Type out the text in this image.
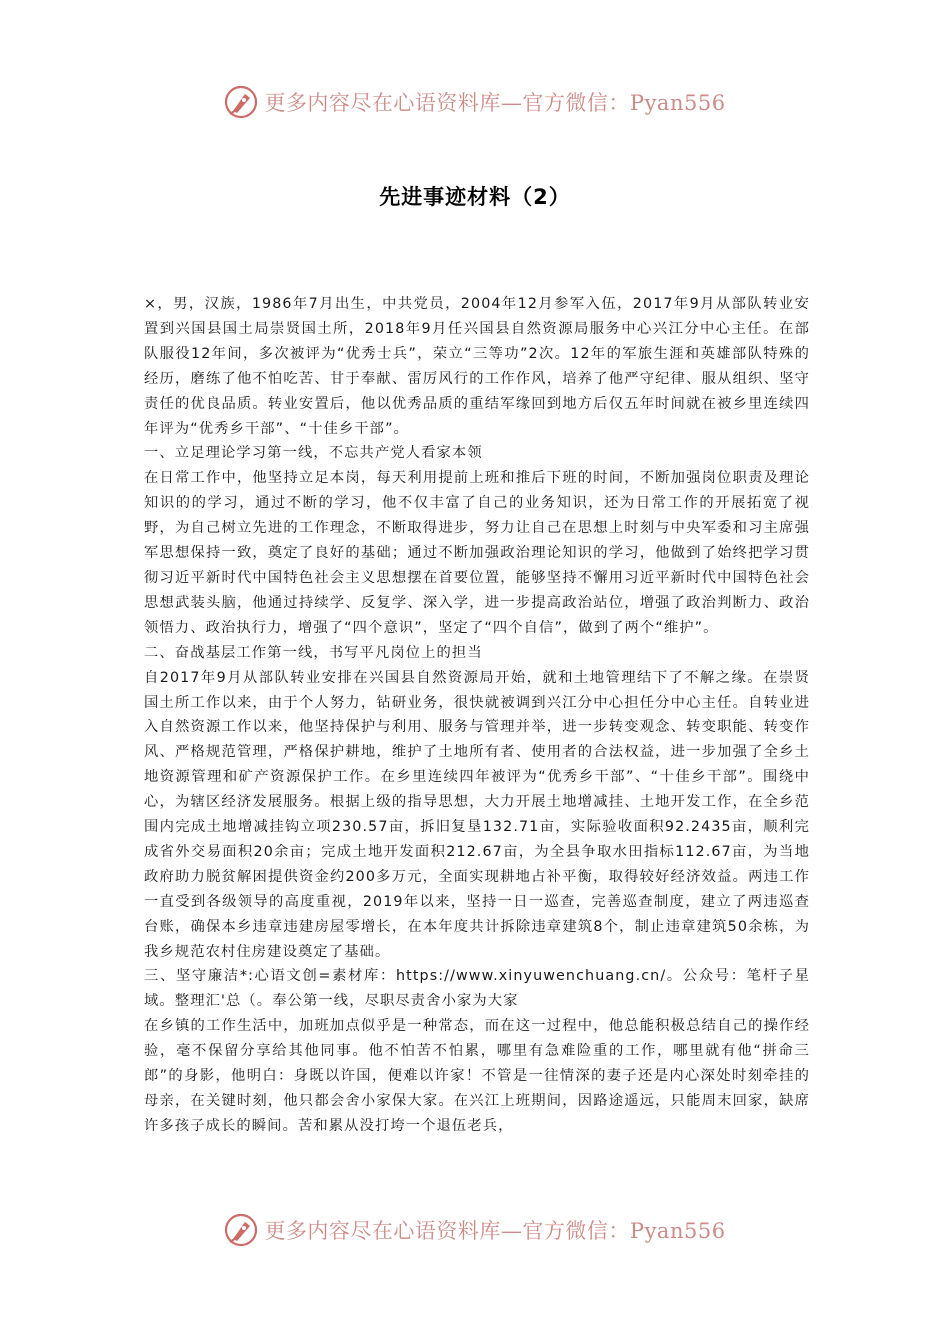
更多内容尽在心语资料库—官方微信：Pyan556
先进事迹材料（2）

×，男，汉族，1986年7月出生，中共党员，2004年12月参军入伍，2017年9月从部队转业安置到兴国县国土局崇贤国土所，2018年9月任兴国县自然资源局服务中心兴江分中心主任。在部队服役12年间，多次被评为“优秀士兵”，荣立“三等功”2次。12年的军旅生涯和英雄部队特殊的经历，磨练了他不怕吃苦、甘于奉献、雷厉风行的工作作风，培养了他严守纪律、服从组织、坚守责任的优良品质。转业安置后，他以优秀品质的重结军缘回到地方后仅五年时间就在被乡里连续四年评为“优秀乡干部”、“十佳乡干部”。

一、立足理论学习第一线，不忘共产党人看家本领

在日常工作中，他坚持立足本岗，每天利用提前上班和推后下班的时间，不断加强岗位职责及理论知识的的学习，通过不断的学习，他不仅丰富了自己的业务知识，还为日常工作的开展拓宽了视野，为自己树立先进的工作理念，不断取得进步，努力让自己在思想上时刻与中央军委和习主席强军思想保持一致，奠定了良好的基础；通过不断加强政治理论知识的学习，他做到了始终把学习贯彻习近平新时代中国特色社会主义思想摆在首要位置，能够坚持不懈用习近平新时代中国特色社会思想武装头脑，他通过持续学、反复学、深入学，进一步提高政治站位，增强了政治判断力、政治领悟力、政治执行力，增强了“四个意识”，坚定了“四个自信”，做到了两个“维护”。

二、奋战基层工作第一线，书写平凡岗位上的担当

自2017年9月从部队转业安排在兴国县自然资源局开始，就和土地管理结下了不解之缘。在崇贤国土所工作以来，由于个人努力，钻研业务，很快就被调到兴江分中心担任分中心主任。自转业进入自然资源工作以来，他坚持保护与利用、服务与管理并举，进一步转变观念、转变职能、转变作风、严格规范管理，严格保护耕地，维护了土地所有者、使用者的合法权益，进一步加强了全乡土地资源管理和矿产资源保护工作。在乡里连续四年被评为“优秀乡干部”、“十佳乡干部”。围绕中心，为辖区经济发展服务。根据上级的指导思想，大力开展土地增减挂、土地开发工作，在全乡范围内完成土地增减挂钩立项230.57亩，拆旧复垦132.71亩，实际验收面积92.2435亩，顺利完成省外交易面积20余亩；完成土地开发面积212.67亩，为全县争取水田指标112.67亩，为当地政府助力脱贫解困提供资金约200多万元，全面实现耕地占补平衡，取得较好经济效益。两违工作一直受到各级领导的高度重视，2019年以来，坚持一日一巡查，完善巡查制度，建立了两违巡查台账，确保本乡违章违建房屋零增长，在本年度共计拆除违章建筑8个，制止违章建筑50余栋，为我乡规范农村住房建设奠定了基础。

三、坚守廉洁*:心语文创=素材库：https://www.xinyuwenchuang.cn/。公众号：笔杆子星域。整理汇'总（。奉公第一线，尽职尽责舍小家为大家

在乡镇的工作生活中，加班加点似乎是一种常态，而在这一过程中，他总能积极总结自己的操作经验，毫不保留分享给其他同事。他不怕苦不怕累，哪里有急难险重的工作，哪里就有他“拼命三郎”的身影，他明白：身既以许国，便难以许家！不管是一往情深的妻子还是内心深处时刻牵挂的母亲，在关键时刻，他只都会舍小家保大家。在兴江上班期间，因路途遥远，只能周末回家，缺席许多孩子成长的瞬间。苦和累从没打垮一个退伍老兵，

更多内容尽在心语资料库—官方微信：Pyan556
